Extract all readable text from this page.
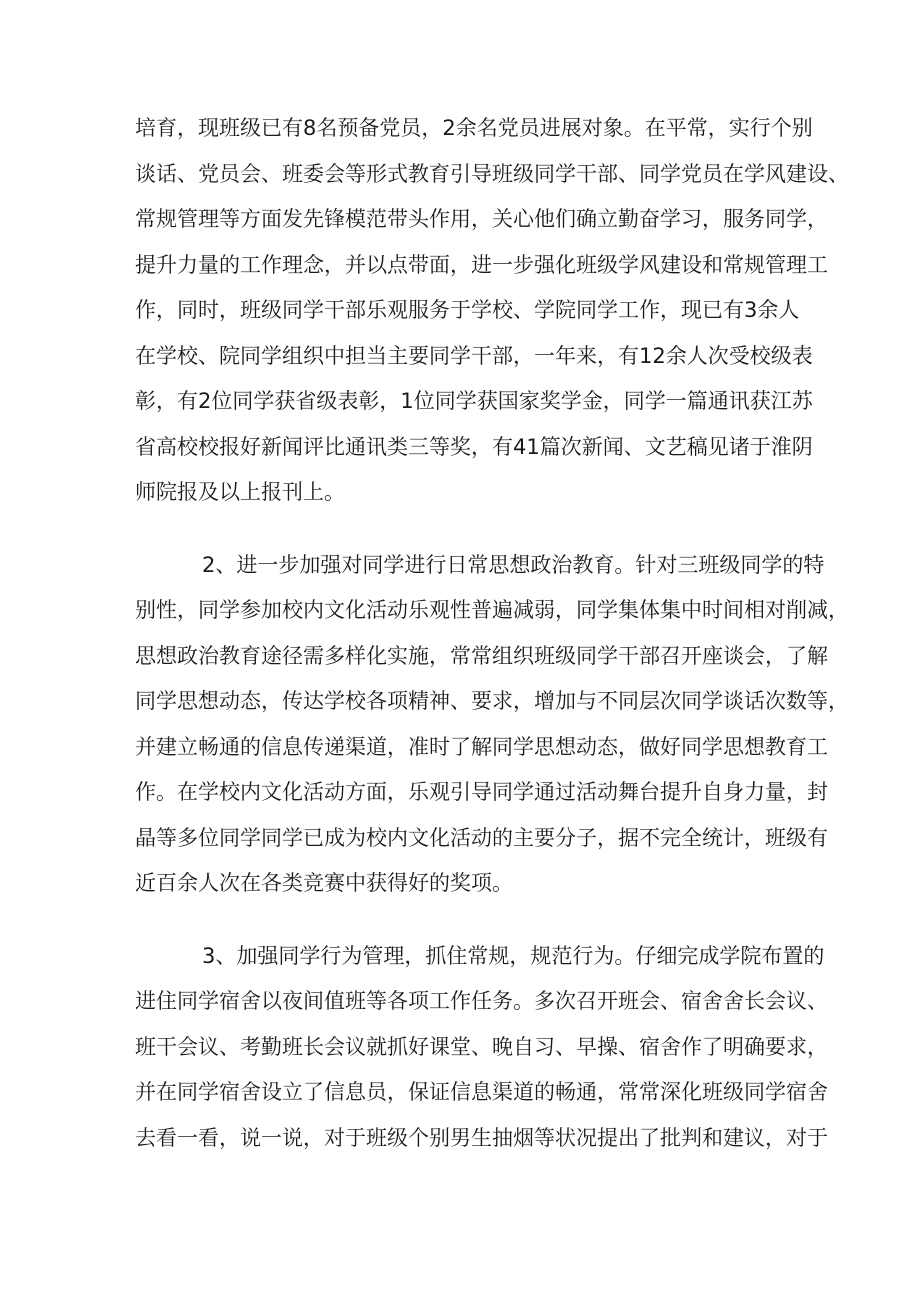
培育，现班级已有8名预备党员，2余名党员进展对象。在平常，实行个别
谈话、党员会、班委会等形式教育引导班级同学干部、同学党员在学风建设、
常规管理等方面发先锋模范带头作用，关心他们确立勤奋学习，服务同学，
提升力量的工作理念，并以点带面，进一步强化班级学风建设和常规管理工
作，同时，班级同学干部乐观服务于学校、学院同学工作，现已有3余人
在学校、院同学组织中担当主要同学干部，一年来，有12余人次受校级表
彰，有2位同学获省级表彰，1位同学获国家奖学金，同学一篇通讯获江苏
省高校校报好新闻评比通讯类三等奖，有41篇次新闻、文艺稿见诸于淮阴
师院报及以上报刊上。
2、进一步加强对同学进行日常思想政治教育。针对三班级同学的特
别性，同学参加校内文化活动乐观性普遍减弱，同学集体集中时间相对削减，
思想政治教育途径需多样化实施，常常组织班级同学干部召开座谈会，了解
同学思想动态，传达学校各项精神、要求，增加与不同层次同学谈话次数等，
并建立畅通的信息传递渠道，准时了解同学思想动态，做好同学思想教育工
作。在学校内文化活动方面，乐观引导同学通过活动舞台提升自身力量，封
晶等多位同学同学已成为校内文化活动的主要分子，据不完全统计，班级有
近百余人次在各类竞赛中获得好的奖项。
3、加强同学行为管理，抓住常规，规范行为。仔细完成学院布置的
进住同学宿舍以夜间值班等各项工作任务。多次召开班会、宿舍舍长会议、
班干会议、考勤班长会议就抓好课堂、晚自习、早操、宿舍作了明确要求，
并在同学宿舍设立了信息员，保证信息渠道的畅通，常常深化班级同学宿舍
去看一看，说一说，对于班级个别男生抽烟等状况提出了批判和建议，对于
